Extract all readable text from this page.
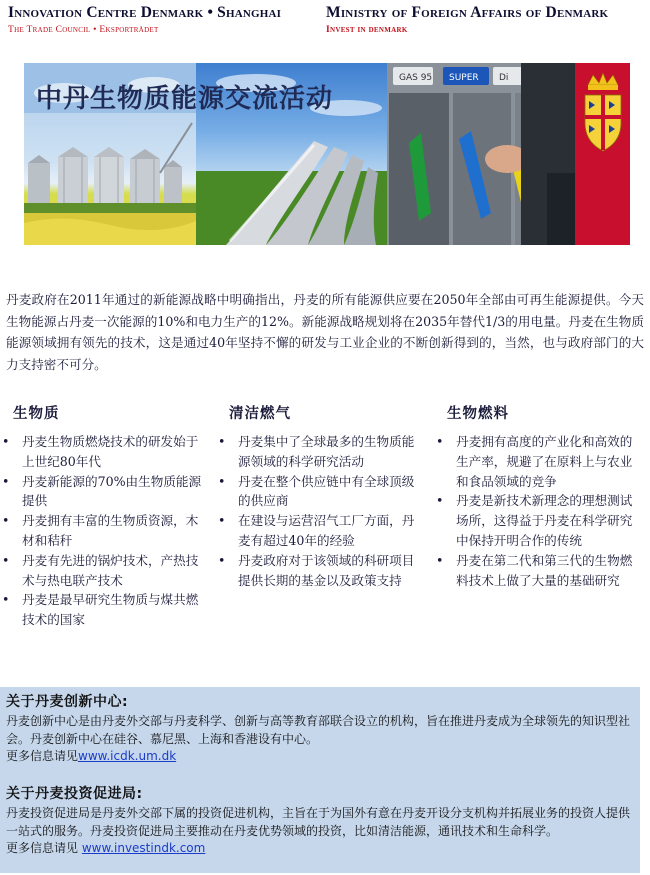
Innovation Centre Denmark • Shanghai
The Trade Council • Eksportrådet
Ministry of Foreign Affairs of Denmark
Invest in denmark
GAS 95 SUPER Di
中丹生物质能源交流活动

丹麦政府在2011年通过的新能源战略中明确指出，丹麦的所有能源供应要在2050年全部由可再生能源提供。今天生物能源占丹麦一次能源的10%和电力生产的12%。新能源战略规划将在2035年替代1/3的用电量。丹麦在生物质能源领域拥有领先的技术，这是通过40年坚持不懈的研发与工业企业的不断创新得到的，当然，也与政府部门的大力支持密不可分。

生物质
• 丹麦生物质燃烧技术的研发始于上世纪80年代
• 丹麦新能源的70%由生物质能源提供
• 丹麦拥有丰富的生物质资源，木材和秸秆
• 丹麦有先进的锅炉技术，产热技术与热电联产技术
• 丹麦是最早研究生物质与煤共燃技术的国家
清洁燃气
• 丹麦集中了全球最多的生物质能源领域的科学研究活动
• 丹麦在整个供应链中有全球顶级的供应商
• 在建设与运营沼气工厂方面，丹麦有超过40年的经验
• 丹麦政府对于该领域的科研项目提供长期的基金以及政策支持
生物燃料
• 丹麦拥有高度的产业化和高效的生产率，规避了在原料上与农业和食品领域的竞争
• 丹麦是新技术新理念的理想测试场所，这得益于丹麦在科学研究中保持开明合作的传统
• 丹麦在第二代和第三代的生物燃料技术上做了大量的基础研究
关于丹麦创新中心:
丹麦创新中心是由丹麦外交部与丹麦科学、创新与高等教育部联合设立的机构，旨在推进丹麦成为全球领先的知识型社会。丹麦创新中心在硅谷、慕尼黑、上海和香港设有中心。
更多信息请见www.icdk.um.dk
关于丹麦投资促进局:
丹麦投资促进局是丹麦外交部下属的投资促进机构，主旨在于为国外有意在丹麦开设分支机构并拓展业务的投资人提供一站式的服务。丹麦投资促进局主要推动在丹麦优势领域的投资，比如清洁能源，通讯技术和生命科学。
更多信息请见 www.investindk.com
